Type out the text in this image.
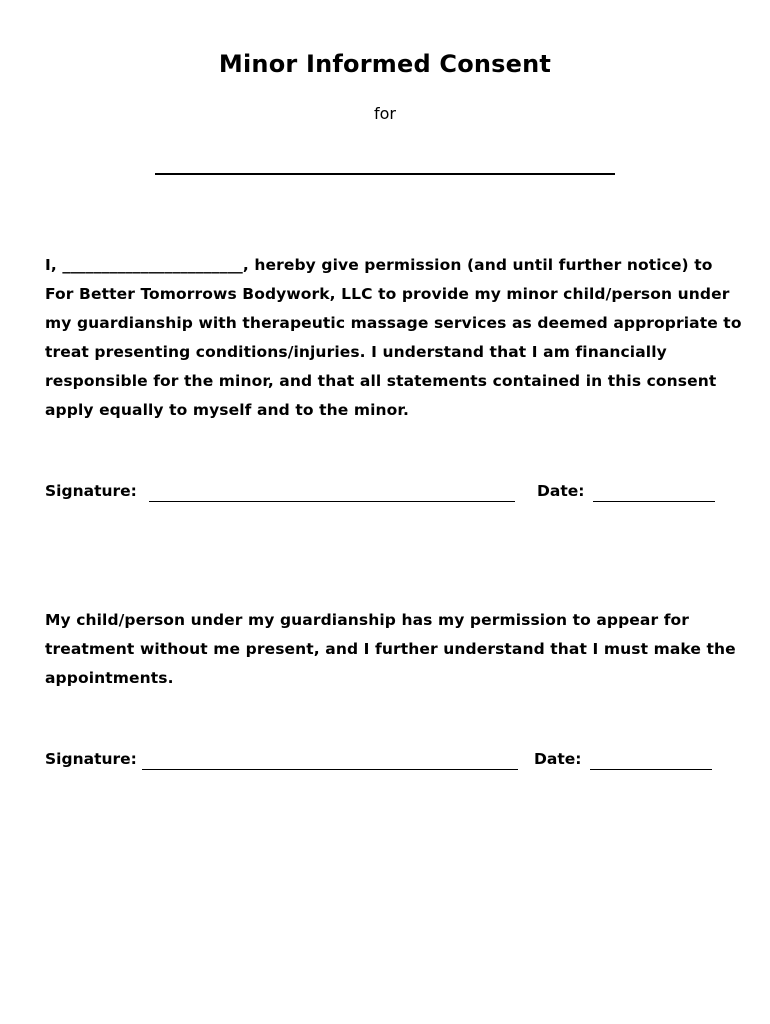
Minor Informed Consent
for
I, _______________________, hereby give permission (and until further notice) to For Better Tomorrows Bodywork, LLC to provide my minor child/person under my guardianship with therapeutic massage services as deemed appropriate to treat presenting conditions/injuries. I understand that I am financially responsible for the minor, and that all statements contained in this consent apply equally to myself and to the minor.
Signature:	Date:
My child/person under my guardianship has my permission to appear for treatment without me present, and I further understand that I must make the appointments.
Signature:	Date:
